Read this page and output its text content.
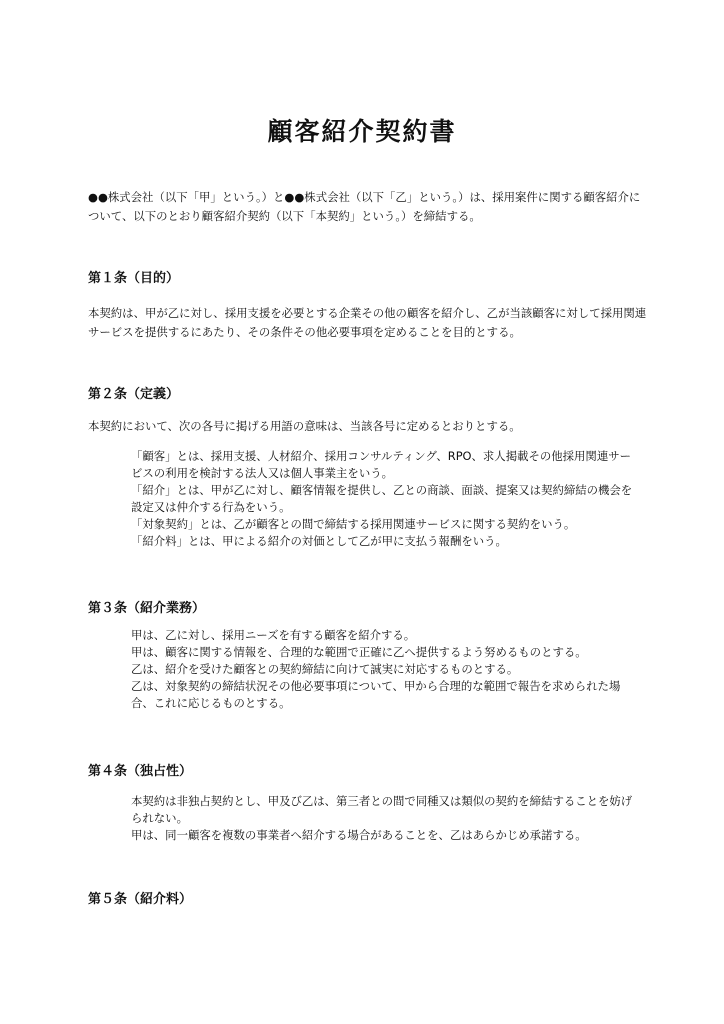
顧客紹介契約書

●●株式会社（以下「甲」という。）と●●株式会社（以下「乙」という。）は、採用案件に関する顧客紹介について、以下のとおり顧客紹介契約（以下「本契約」という。）を締結する。

第１条（目的）

本契約は、甲が乙に対し、採用支援を必要とする企業その他の顧客を紹介し、乙が当該顧客に対して採用関連サービスを提供するにあたり、その条件その他必要事項を定めることを目的とする。

第２条（定義）

本契約において、次の各号に掲げる用語の意味は、当該各号に定めるとおりとする。

「顧客」とは、採用支援、人材紹介、採用コンサルティング、RPO、求人掲載その他採用関連サービスの利用を検討する法人又は個人事業主をいう。
「紹介」とは、甲が乙に対し、顧客情報を提供し、乙との商談、面談、提案又は契約締結の機会を設定又は仲介する行為をいう。
「対象契約」とは、乙が顧客との間で締結する採用関連サービスに関する契約をいう。
「紹介料」とは、甲による紹介の対価として乙が甲に支払う報酬をいう。
第３条（紹介業務）
甲は、乙に対し、採用ニーズを有する顧客を紹介する。
甲は、顧客に関する情報を、合理的な範囲で正確に乙へ提供するよう努めるものとする。
乙は、紹介を受けた顧客との契約締結に向けて誠実に対応するものとする。
乙は、対象契約の締結状況その他必要事項について、甲から合理的な範囲で報告を求められた場合、これに応じるものとする。
第４条（独占性）
本契約は非独占契約とし、甲及び乙は、第三者との間で同種又は類似の契約を締結することを妨げられない。
甲は、同一顧客を複数の事業者へ紹介する場合があることを、乙はあらかじめ承諾する。
第５条（紹介料）
